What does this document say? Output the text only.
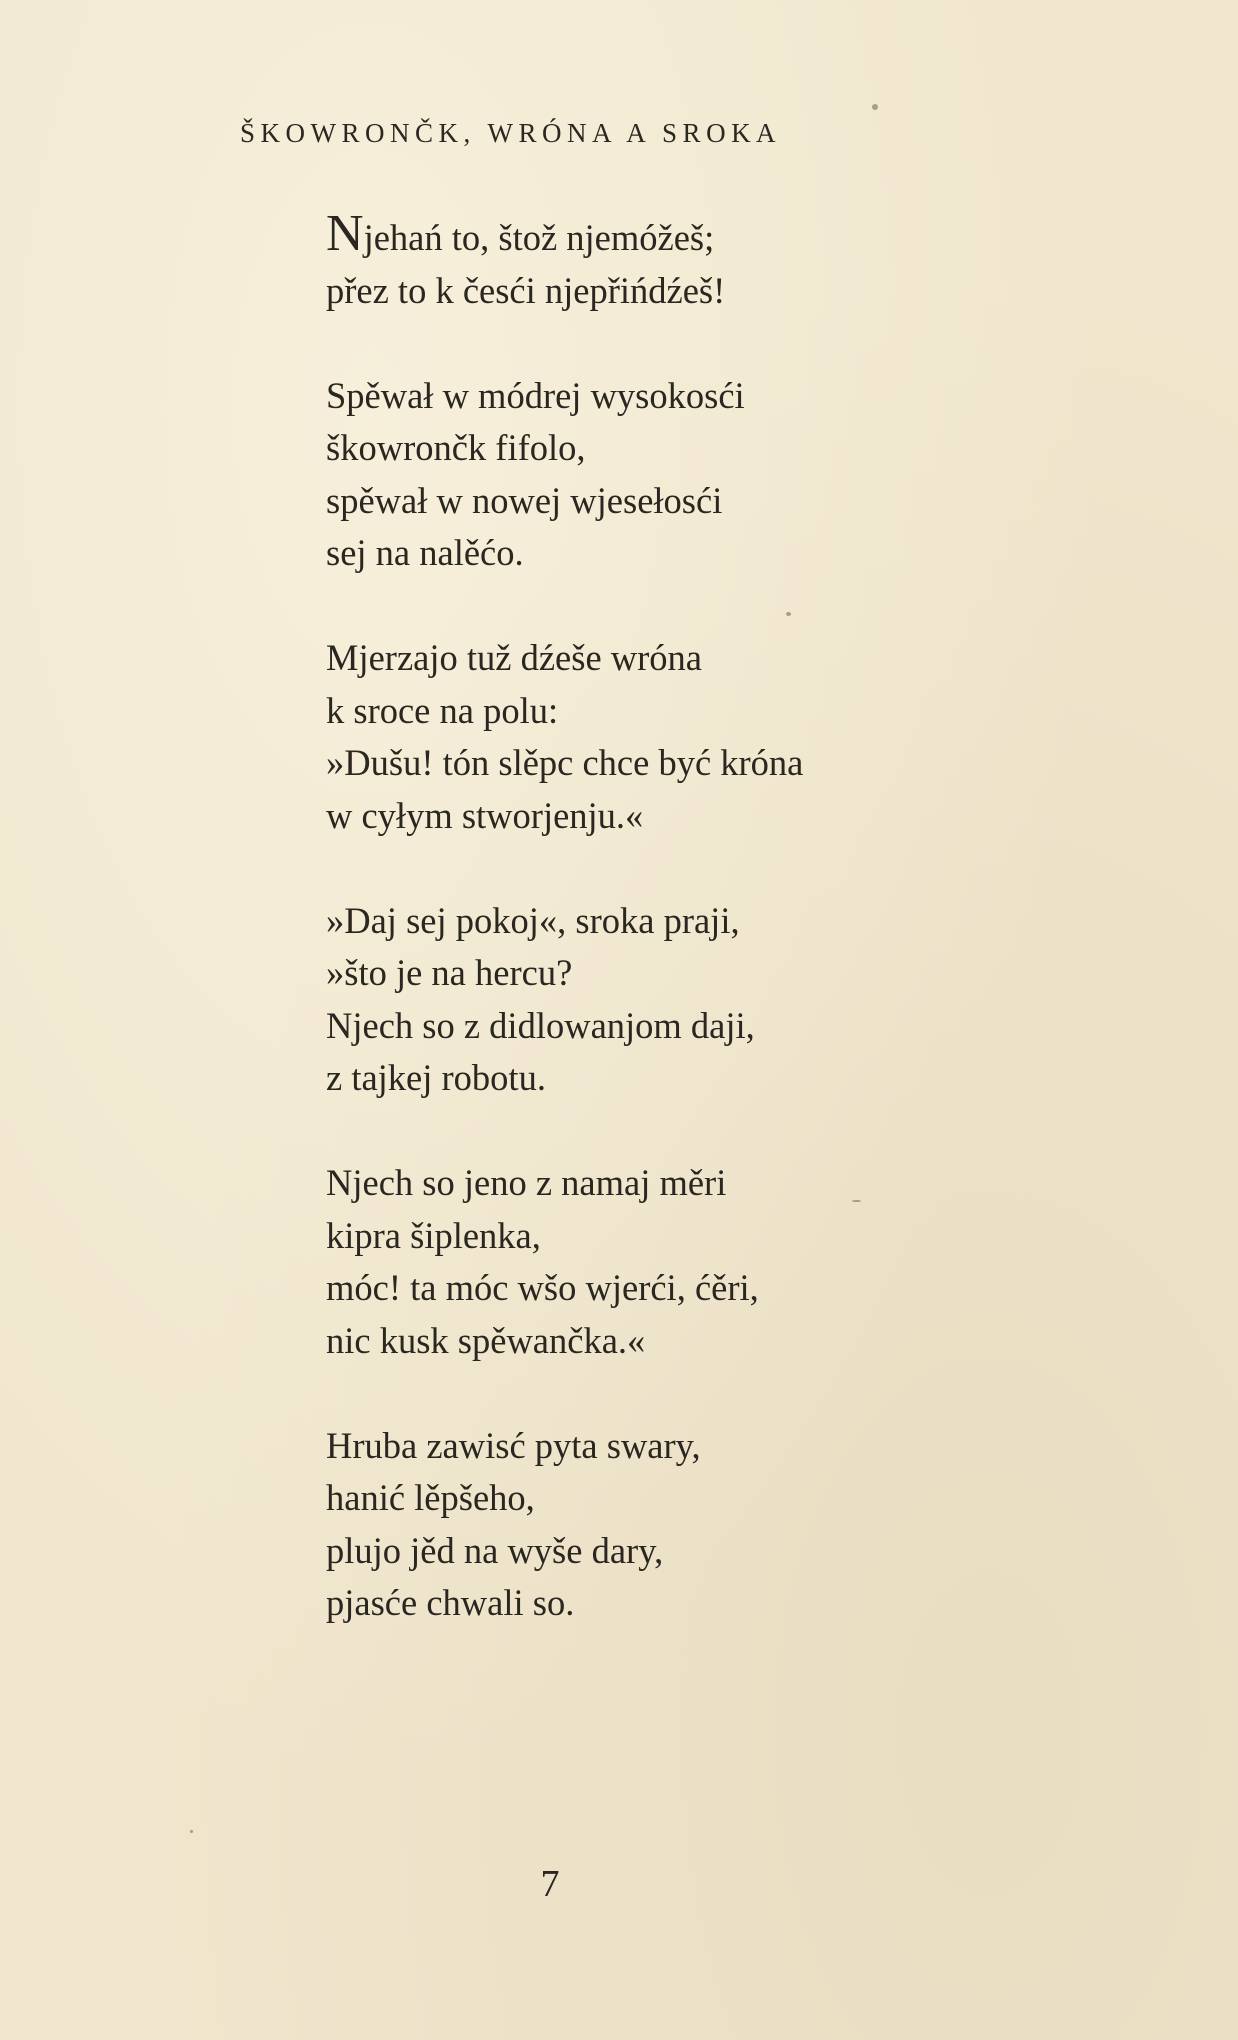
ŠKOWRONČK, WRÓNA A SROKA
Njehań to, štož njemóžeš;
přez to k česći njepřińdźeš!
Spěwał w módrej wysokosći
škowrončk fifolo,
spěwał w nowej wjesełosći
sej na nalěćo.
Mjerzajo tuž dźeše wróna
k sroce na polu:
»Dušu! tón slěpc chce być króna
w cyłym stworjenju.«
»Daj sej pokoj«, sroka praji,
»što je na hercu?
Njech so z didlowanjom daji,
z tajkej robotu.
Njech so jeno z namaj měri
kipra šiplenka,
móc! ta móc wšo wjerći, ćěri,
nic kusk spěwančka.«
Hruba zawisć pyta swary,
hanić lěpšeho,
plujo jěd na wyše dary,
pjasće chwali so.
7
